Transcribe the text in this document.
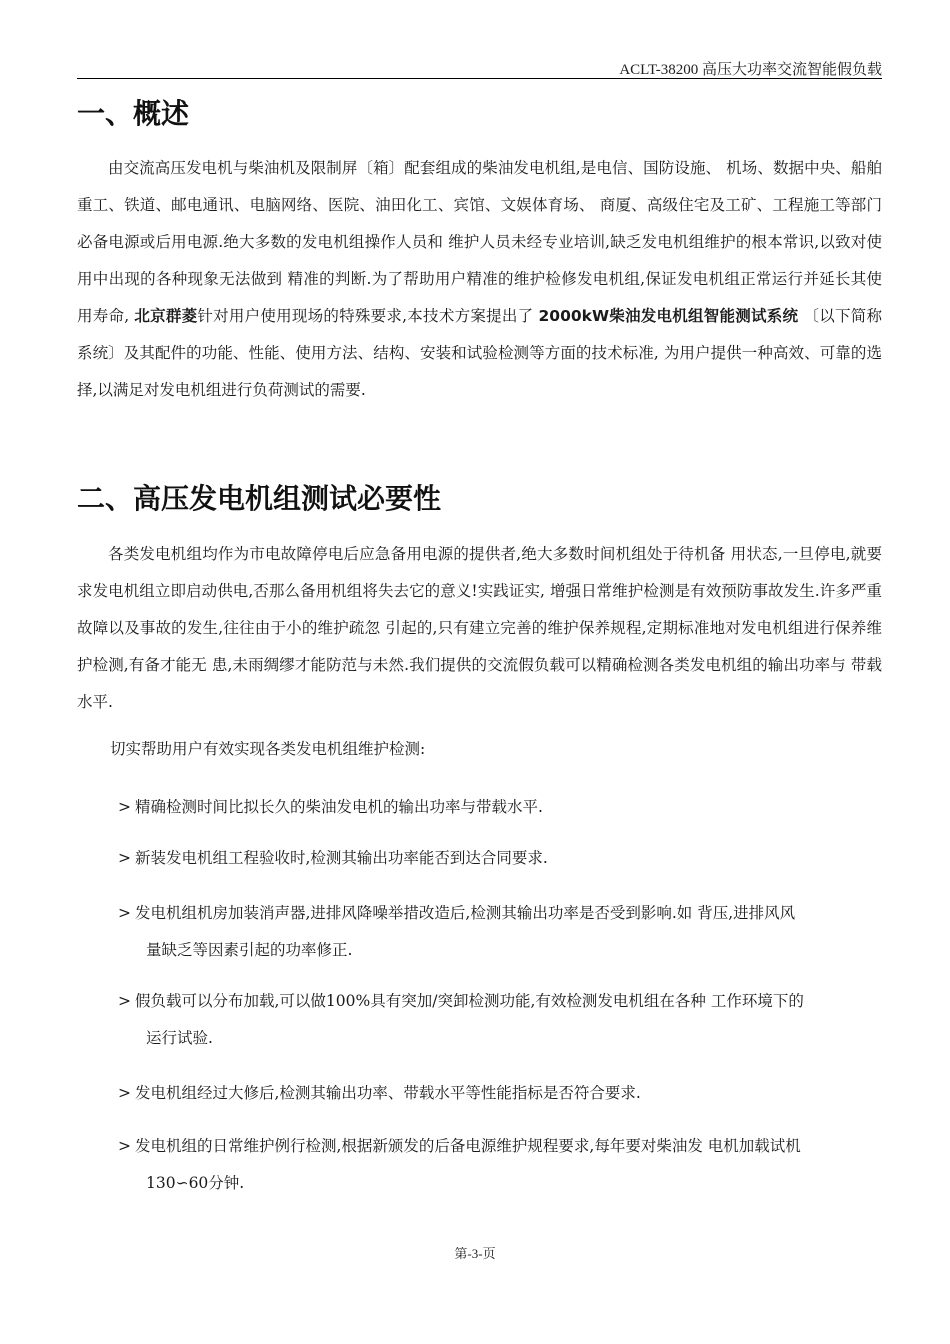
ACLT-38200 高压大功率交流智能假负载
一、概述

由交流高压发电机与柴油机及限制屏〔箱〕配套组成的柴油发电机组,是电信、国防设施、 机场、数据中央、船舶重工、铁道、邮电通讯、电脑网络、医院、油田化工、宾馆、文娱体育场、 商厦、高级住宅及工矿、工程施工等部门必备电源或后用电源.绝大多数的发电机组操作人员和 维护人员未经专业培训,缺乏发电机组维护的根本常识,以致对使用中出现的各种现象无法做到 精准的判断.为了帮助用户精准的维护检修发电机组,保证发电机组正常运行并延长其使用寿命, 北京群菱针对用户使用现场的特殊要求,本技术方案提出了 2000kW柴油发电机组智能测试系统 〔以下简称系统〕及其配件的功能、性能、使用方法、结构、安装和试验检测等方面的技术标准, 为用户提供一种高效、可靠的选择,以满足对发电机组进行负荷测试的需要.

二、高压发电机组测试必要性

各类发电机组均作为市电故障停电后应急备用电源的提供者,绝大多数时间机组处于待机备 用状态,一旦停电,就要求发电机组立即启动供电,否那么备用机组将失去它的意义!实践证实, 增强日常维护检测是有效预防事故发生.许多严重故障以及事故的发生,往往由于小的维护疏忽 引起的,只有建立完善的维护保养规程,定期标准地对发电机组进行保养维护检测,有备才能无 患,未雨绸缪才能防范与未然.我们提供的交流假负载可以精确检测各类发电机组的输出功率与 带载水平.

切实帮助用户有效实现各类发电机组维护检测:

> 精确检测时间比拟长久的柴油发电机的输出功率与带载水平.
> 新装发电机组工程验收时,检测其输出功率能否到达合同要求.
> 发电机组机房加装消声器,进排风降噪举措改造后,检测其输出功率是否受到影响.如 背压,进排风风
量缺乏等因素引起的功率修正.
> 假负载可以分布加载,可以做100%具有突加/突卸检测功能,有效检测发电机组在各种 工作环境下的
运行试验.
> 发电机组经过大修后,检测其输出功率、带载水平等性能指标是否符合要求.
> 发电机组的日常维护例行检测,根据新颁发的后备电源维护规程要求,每年要对柴油发 电机加载试机
130∽60分钟.
第-3-页
